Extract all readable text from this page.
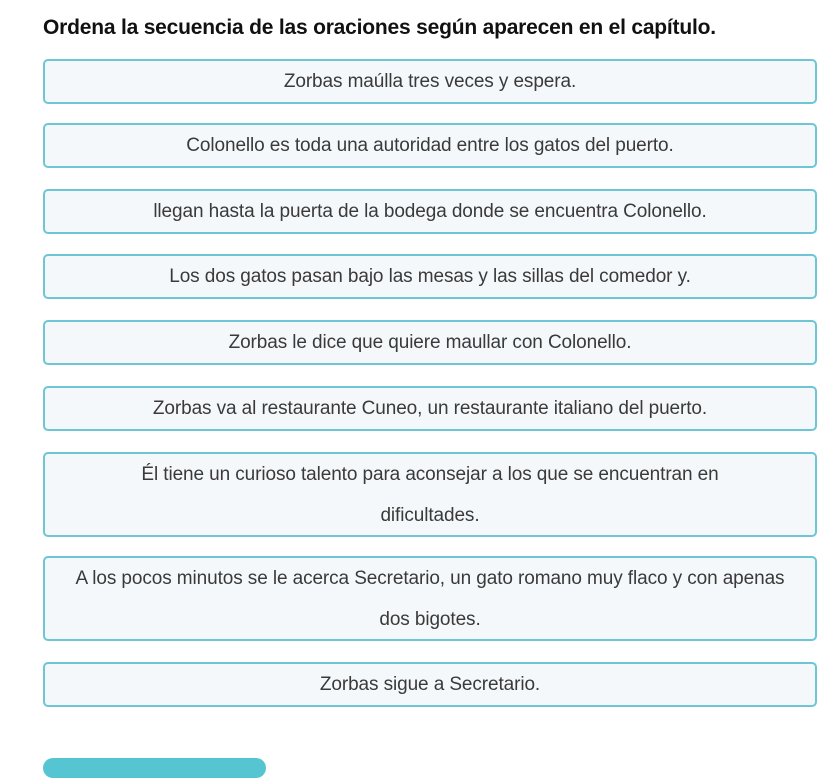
Ordena la secuencia de las oraciones según aparecen en el capítulo.
Zorbas maúlla tres veces y espera.
Colonello es toda una autoridad entre los gatos del puerto.
llegan hasta la puerta de la bodega donde se encuentra Colonello.
Los dos gatos pasan bajo las mesas y las sillas del comedor y.
Zorbas le dice que quiere maullar con Colonello.
Zorbas va al restaurante Cuneo, un restaurante italiano del puerto.
Él tiene un curioso talento para aconsejar a los que se encuentran en dificultades.
A los pocos minutos se le acerca Secretario, un gato romano muy flaco y con apenas dos bigotes.
Zorbas sigue a Secretario.
